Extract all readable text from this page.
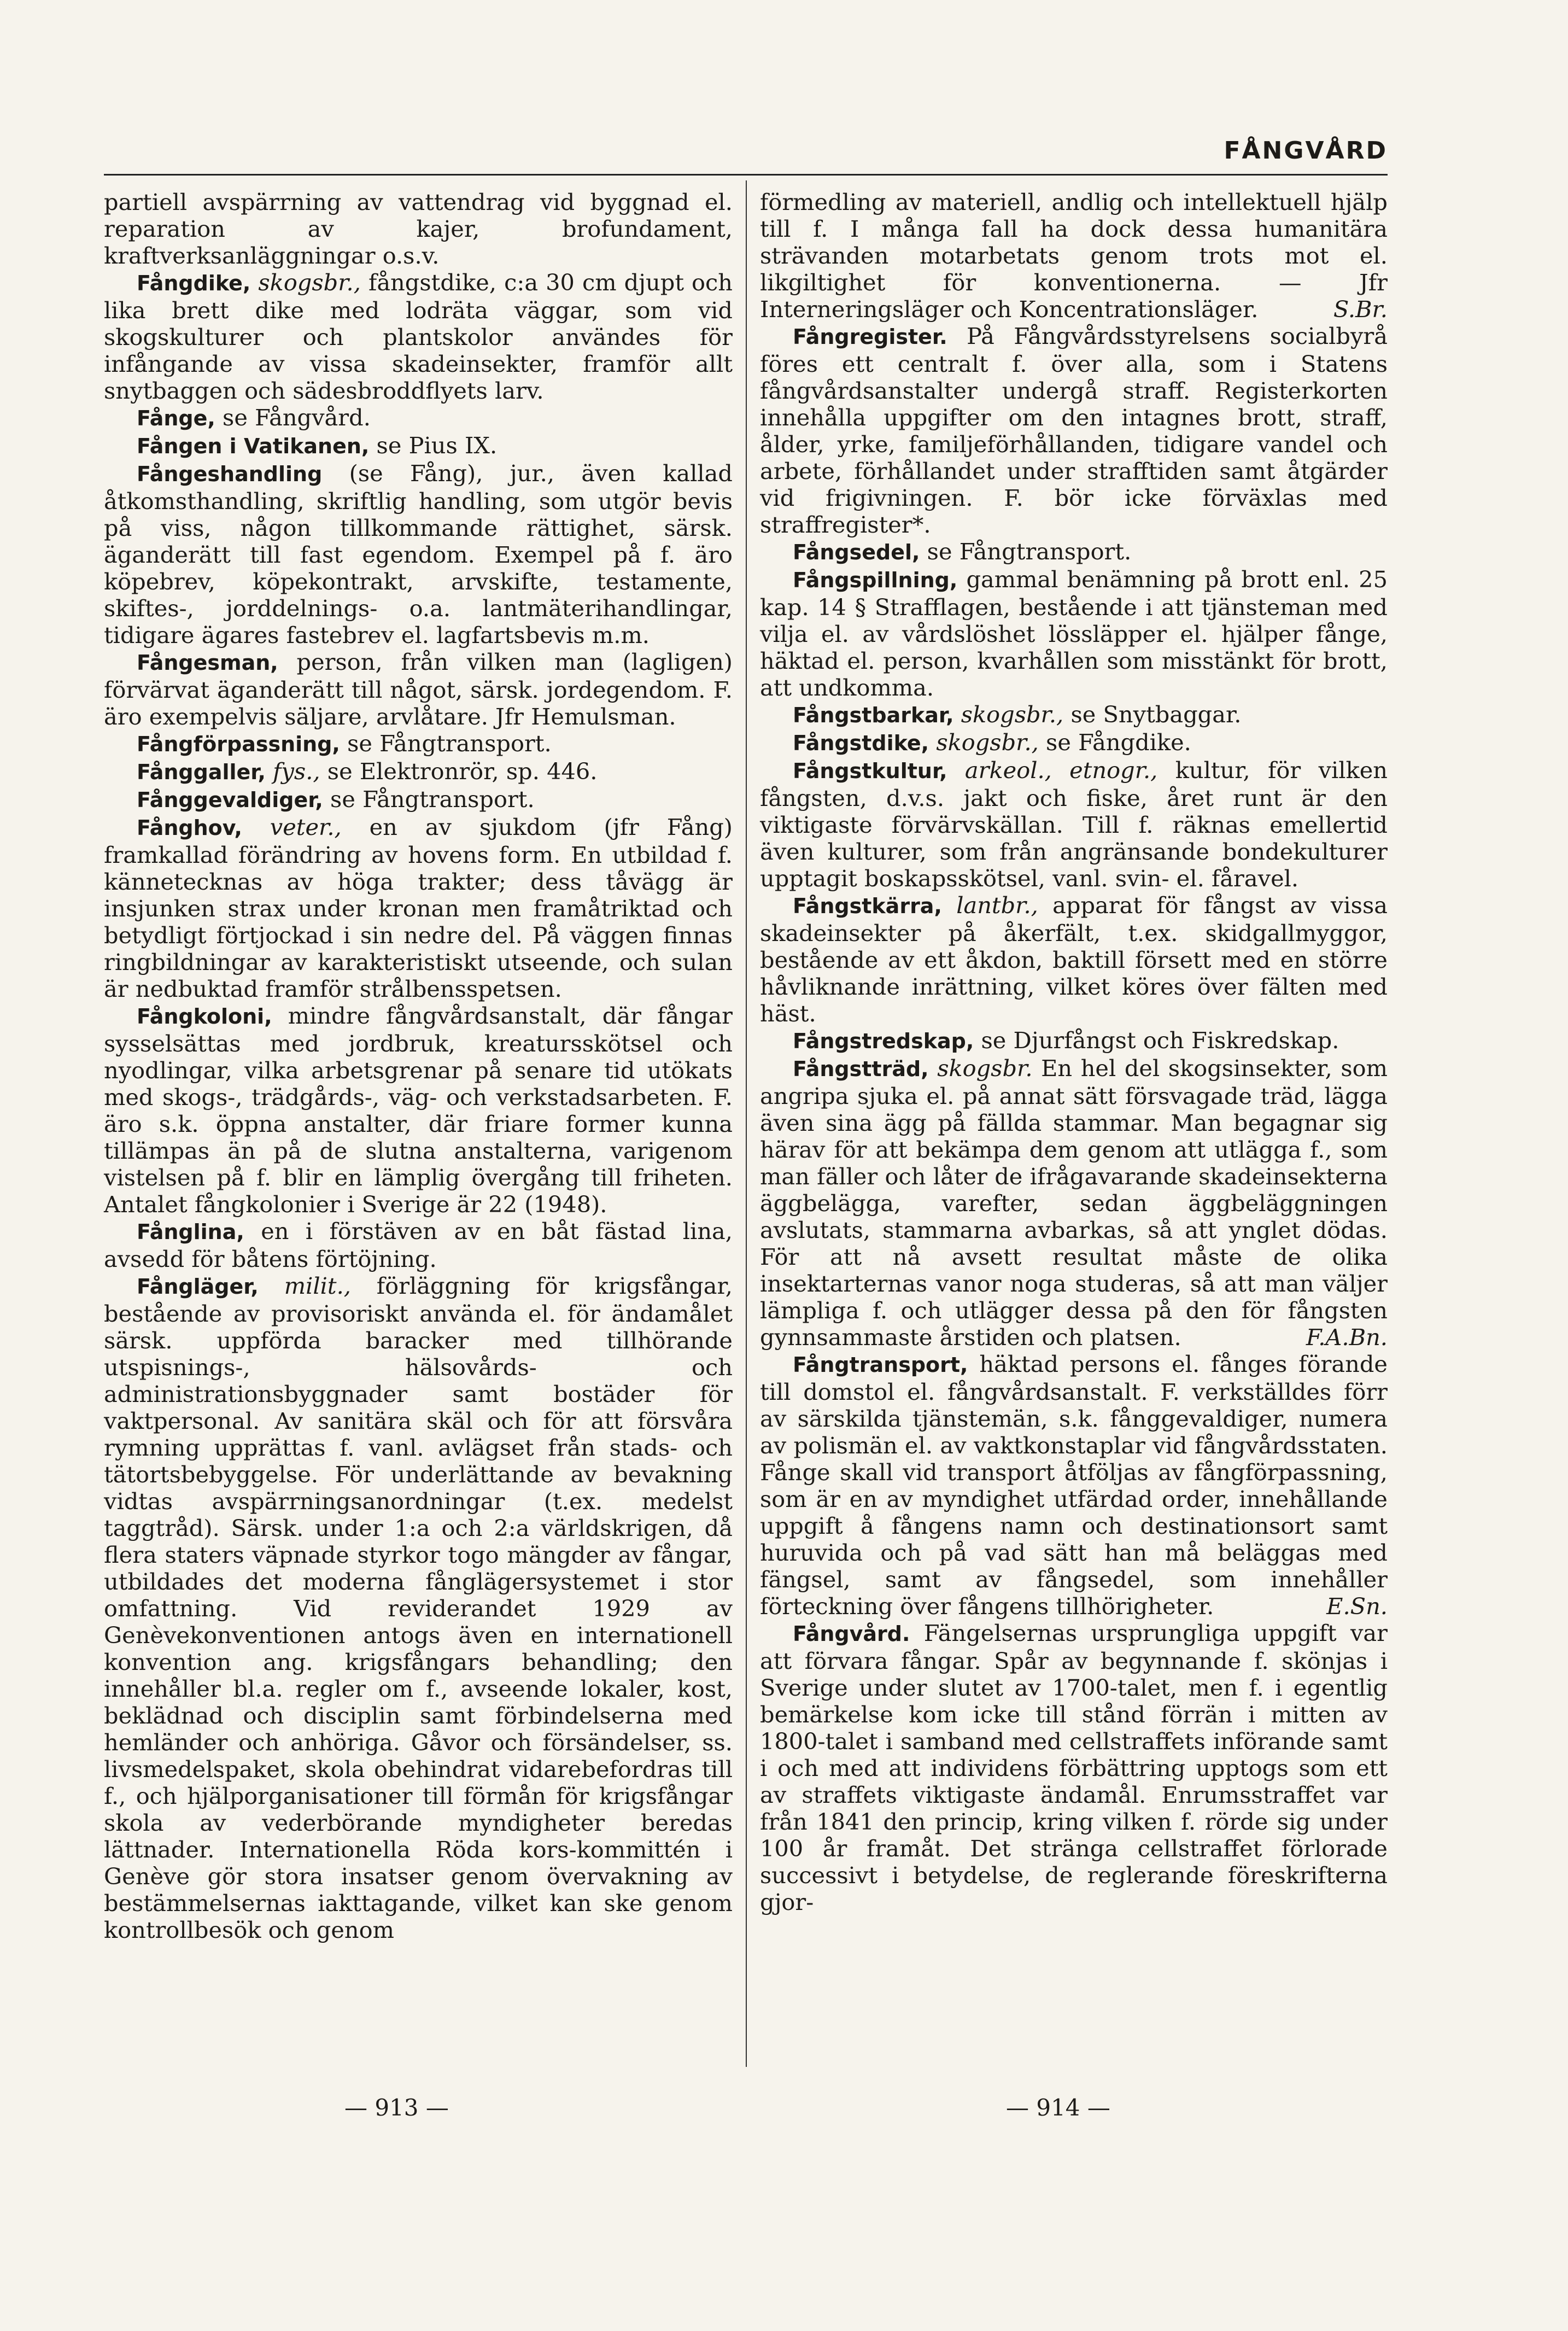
FÅNGVÅRD

partiell avspärrning av vattendrag vid byggnad el. reparation av kajer, brofundament, kraftverksanläggningar o.s.v.

Fångdike, skogsbr., fångstdike, c:a 30 cm djupt och lika brett dike med lodräta väggar, som vid skogskulturer och plantskolor användes för infångande av vissa skadeinsekter, framför allt snytbaggen och sädesbroddflyets larv.

Fånge, se Fångvård.

Fången i Vatikanen, se Pius IX.

Fångeshandling (se Fång), jur., även kallad åtkomsthandling, skriftlig handling, som utgör bevis på viss, någon tillkommande rättighet, särsk. äganderätt till fast egendom. Exempel på f. äro köpebrev, köpekontrakt, arvskifte, testamente, skiftes-, jorddelnings- o.a. lantmäterihandlingar, tidigare ägares fastebrev el. lagfartsbevis m.m.

Fångesman, person, från vilken man (lagligen) förvärvat äganderätt till något, särsk. jordegendom. F. äro exempelvis säljare, arvlåtare. Jfr Hemulsman.

Fångförpassning, se Fångtransport.

Fånggaller, fys., se Elektronrör, sp. 446.

Fånggevaldiger, se Fångtransport.

Fånghov, veter., en av sjukdom (jfr Fång) framkallad förändring av hovens form. En utbildad f. kännetecknas av höga trakter; dess tåvägg är insjunken strax under kronan men framåtriktad och betydligt förtjockad i sin nedre del. På väggen finnas ringbildningar av karakteristiskt utseende, och sulan är nedbuktad framför strålbensspetsen.

Fångkoloni, mindre fångvårdsanstalt, där fångar sysselsättas med jordbruk, kreatursskötsel och nyodlingar, vilka arbetsgrenar på senare tid utökats med skogs-, trädgårds-, väg- och verkstadsarbeten. F. äro s.k. öppna anstalter, där friare former kunna tillämpas än på de slutna anstalterna, varigenom vistelsen på f. blir en lämplig övergång till friheten. Antalet fångkolonier i Sverige är 22 (1948).

Fånglina, en i förstäven av en båt fästad lina, avsedd för båtens förtöjning.

Fångläger, milit., förläggning för krigsfångar, bestående av provisoriskt använda el. för ändamålet särsk. uppförda baracker med tillhörande utspisnings-, hälsovårds- och administrationsbyggnader samt bostäder för vaktpersonal. Av sanitära skäl och för att försvåra rymning upprättas f. vanl. avlägset från stads- och tätortsbebyggelse. För underlättande av bevakning vidtas avspärrningsanordningar (t.ex. medelst taggtråd). Särsk. under 1:a och 2:a världskrigen, då flera staters väpnade styrkor togo mängder av fångar, utbildades det moderna fånglägersystemet i stor omfattning. Vid reviderandet 1929 av Genèvekonventionen antogs även en internationell konvention ang. krigsfångars behandling; den innehåller bl.a. regler om f., avseende lokaler, kost, beklädnad och disciplin samt förbindelserna med hemländer och anhöriga. Gåvor och försändelser, ss. livsmedelspaket, skola obehindrat vidarebefordras till f., och hjälporganisationer till förmån för krigsfångar skola av vederbörande myndigheter beredas lättnader. Internationella Röda kors-kommittén i Genève gör stora insatser genom övervakning av bestämmelsernas iakttagande, vilket kan ske genom kontrollbesök och genom

förmedling av materiell, andlig och intellektuell hjälp till f. I många fall ha dock dessa humanitära strävanden motarbetats genom trots mot el. likgiltighet för konventionerna. — Jfr Interneringsläger och Koncentrationsläger.	S.Br.

Fångregister. På Fångvårdsstyrelsens socialbyrå föres ett centralt f. över alla, som i Statens fångvårdsanstalter undergå straff. Registerkorten innehålla uppgifter om den intagnes brott, straff, ålder, yrke, familjeförhållanden, tidigare vandel och arbete, förhållandet under strafftiden samt åtgärder vid frigivningen. F. bör icke förväxlas med straffregister*.

Fångsedel, se Fångtransport.

Fångspillning, gammal benämning på brott enl. 25 kap. 14 § Strafflagen, bestående i att tjänsteman med vilja el. av vårdslöshet lössläpper el. hjälper fånge, häktad el. person, kvarhållen som misstänkt för brott, att undkomma.

Fångstbarkar, skogsbr., se Snytbaggar.

Fångstdike, skogsbr., se Fångdike.

Fångstkultur, arkeol., etnogr., kultur, för vilken fångsten, d.v.s. jakt och fiske, året runt är den viktigaste förvärvskällan. Till f. räknas emellertid även kulturer, som från angränsande bondekulturer upptagit boskapsskötsel, vanl. svin- el. fåravel.

Fångstkärra, lantbr., apparat för fångst av vissa skadeinsekter på åkerfält, t.ex. skidgallmyggor, bestående av ett åkdon, baktill försett med en större håvliknande inrättning, vilket köres över fälten med häst.

Fångstredskap, se Djurfångst och Fiskredskap.

Fångstträd, skogsbr. En hel del skogsinsekter, som angripa sjuka el. på annat sätt försvagade träd, lägga även sina ägg på fällda stammar. Man begagnar sig härav för att bekämpa dem genom att utlägga f., som man fäller och låter de ifrågavarande skadeinsekterna äggbelägga, varefter, sedan äggbeläggningen avslutats, stammarna avbarkas, så att ynglet dödas. För att nå avsett resultat måste de olika insektarternas vanor noga studeras, så att man väljer lämpliga f. och utlägger dessa på den för fångsten gynnsammaste årstiden och platsen.	F.A.Bn.

Fångtransport, häktad persons el. fånges förande till domstol el. fångvårdsanstalt. F. verkställdes förr av särskilda tjänstemän, s.k. fånggevaldiger, numera av polismän el. av vaktkonstaplar vid fångvårdsstaten. Fånge skall vid transport åtföljas av fångförpassning, som är en av myndighet utfärdad order, innehållande uppgift å fångens namn och destinationsort samt huruvida och på vad sätt han må beläggas med fängsel, samt av fångsedel, som innehåller förteckning över fångens tillhörigheter.	E.Sn.

Fångvård. Fängelsernas ursprungliga uppgift var att förvara fångar. Spår av begynnande f. skönjas i Sverige under slutet av 1700-talet, men f. i egentlig bemärkelse kom icke till stånd förrän i mitten av 1800-talet i samband med cellstraffets införande samt i och med att individens förbättring upptogs som ett av straffets viktigaste ändamål. Enrumsstraffet var från 1841 den princip, kring vilken f. rörde sig under 100 år framåt. Det stränga cellstraffet förlorade successivt i betydelse, de reglerande föreskrifterna gjor-

— 913 —	— 914 —
